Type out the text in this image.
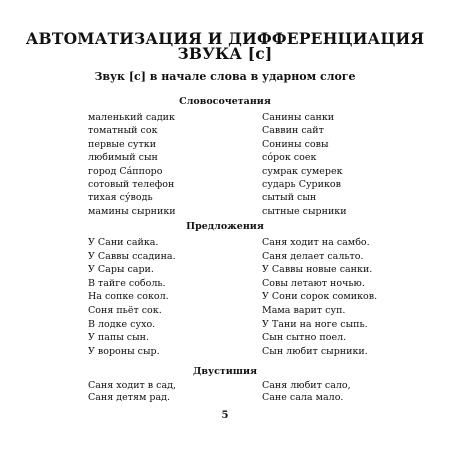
АВТОМАТИЗАЦИЯ И ДИФФЕРЕНЦИАЦИЯ
ЗВУКА [с]
Звук [с] в начале слова в ударном слоге
Словосочетания
маленький садик
томатный сок
первые сутки
любимый сын
город Са́ппоро
сотовый телефон
тихая су́водь
мамины сырники
Санины санки
Саввин сайт
Сонины совы
со́рок соек
сумрак сумерек
сударь Суриков
сытый сын
сытные сырники
Предложения
У Сани сайка.
У Саввы ссадина.
У Сары сари.
В тайге соболь.
На сопке сокол.
Соня пьёт сок.
В лодке сухо.
У папы сын.
У вороны сыр.
Саня ходит на самбо.
Саня делает сальто.
У Саввы новые санки.
Совы летают ночью.
У Сони сорок сомиков.
Мама варит суп.
У Тани на ноге сыпь.
Сын сытно поел.
Сын любит сырники.
Двустишия
Саня ходит в сад,
Саня детям рад.
Саня любит сало,
Сане сала мало.
5
